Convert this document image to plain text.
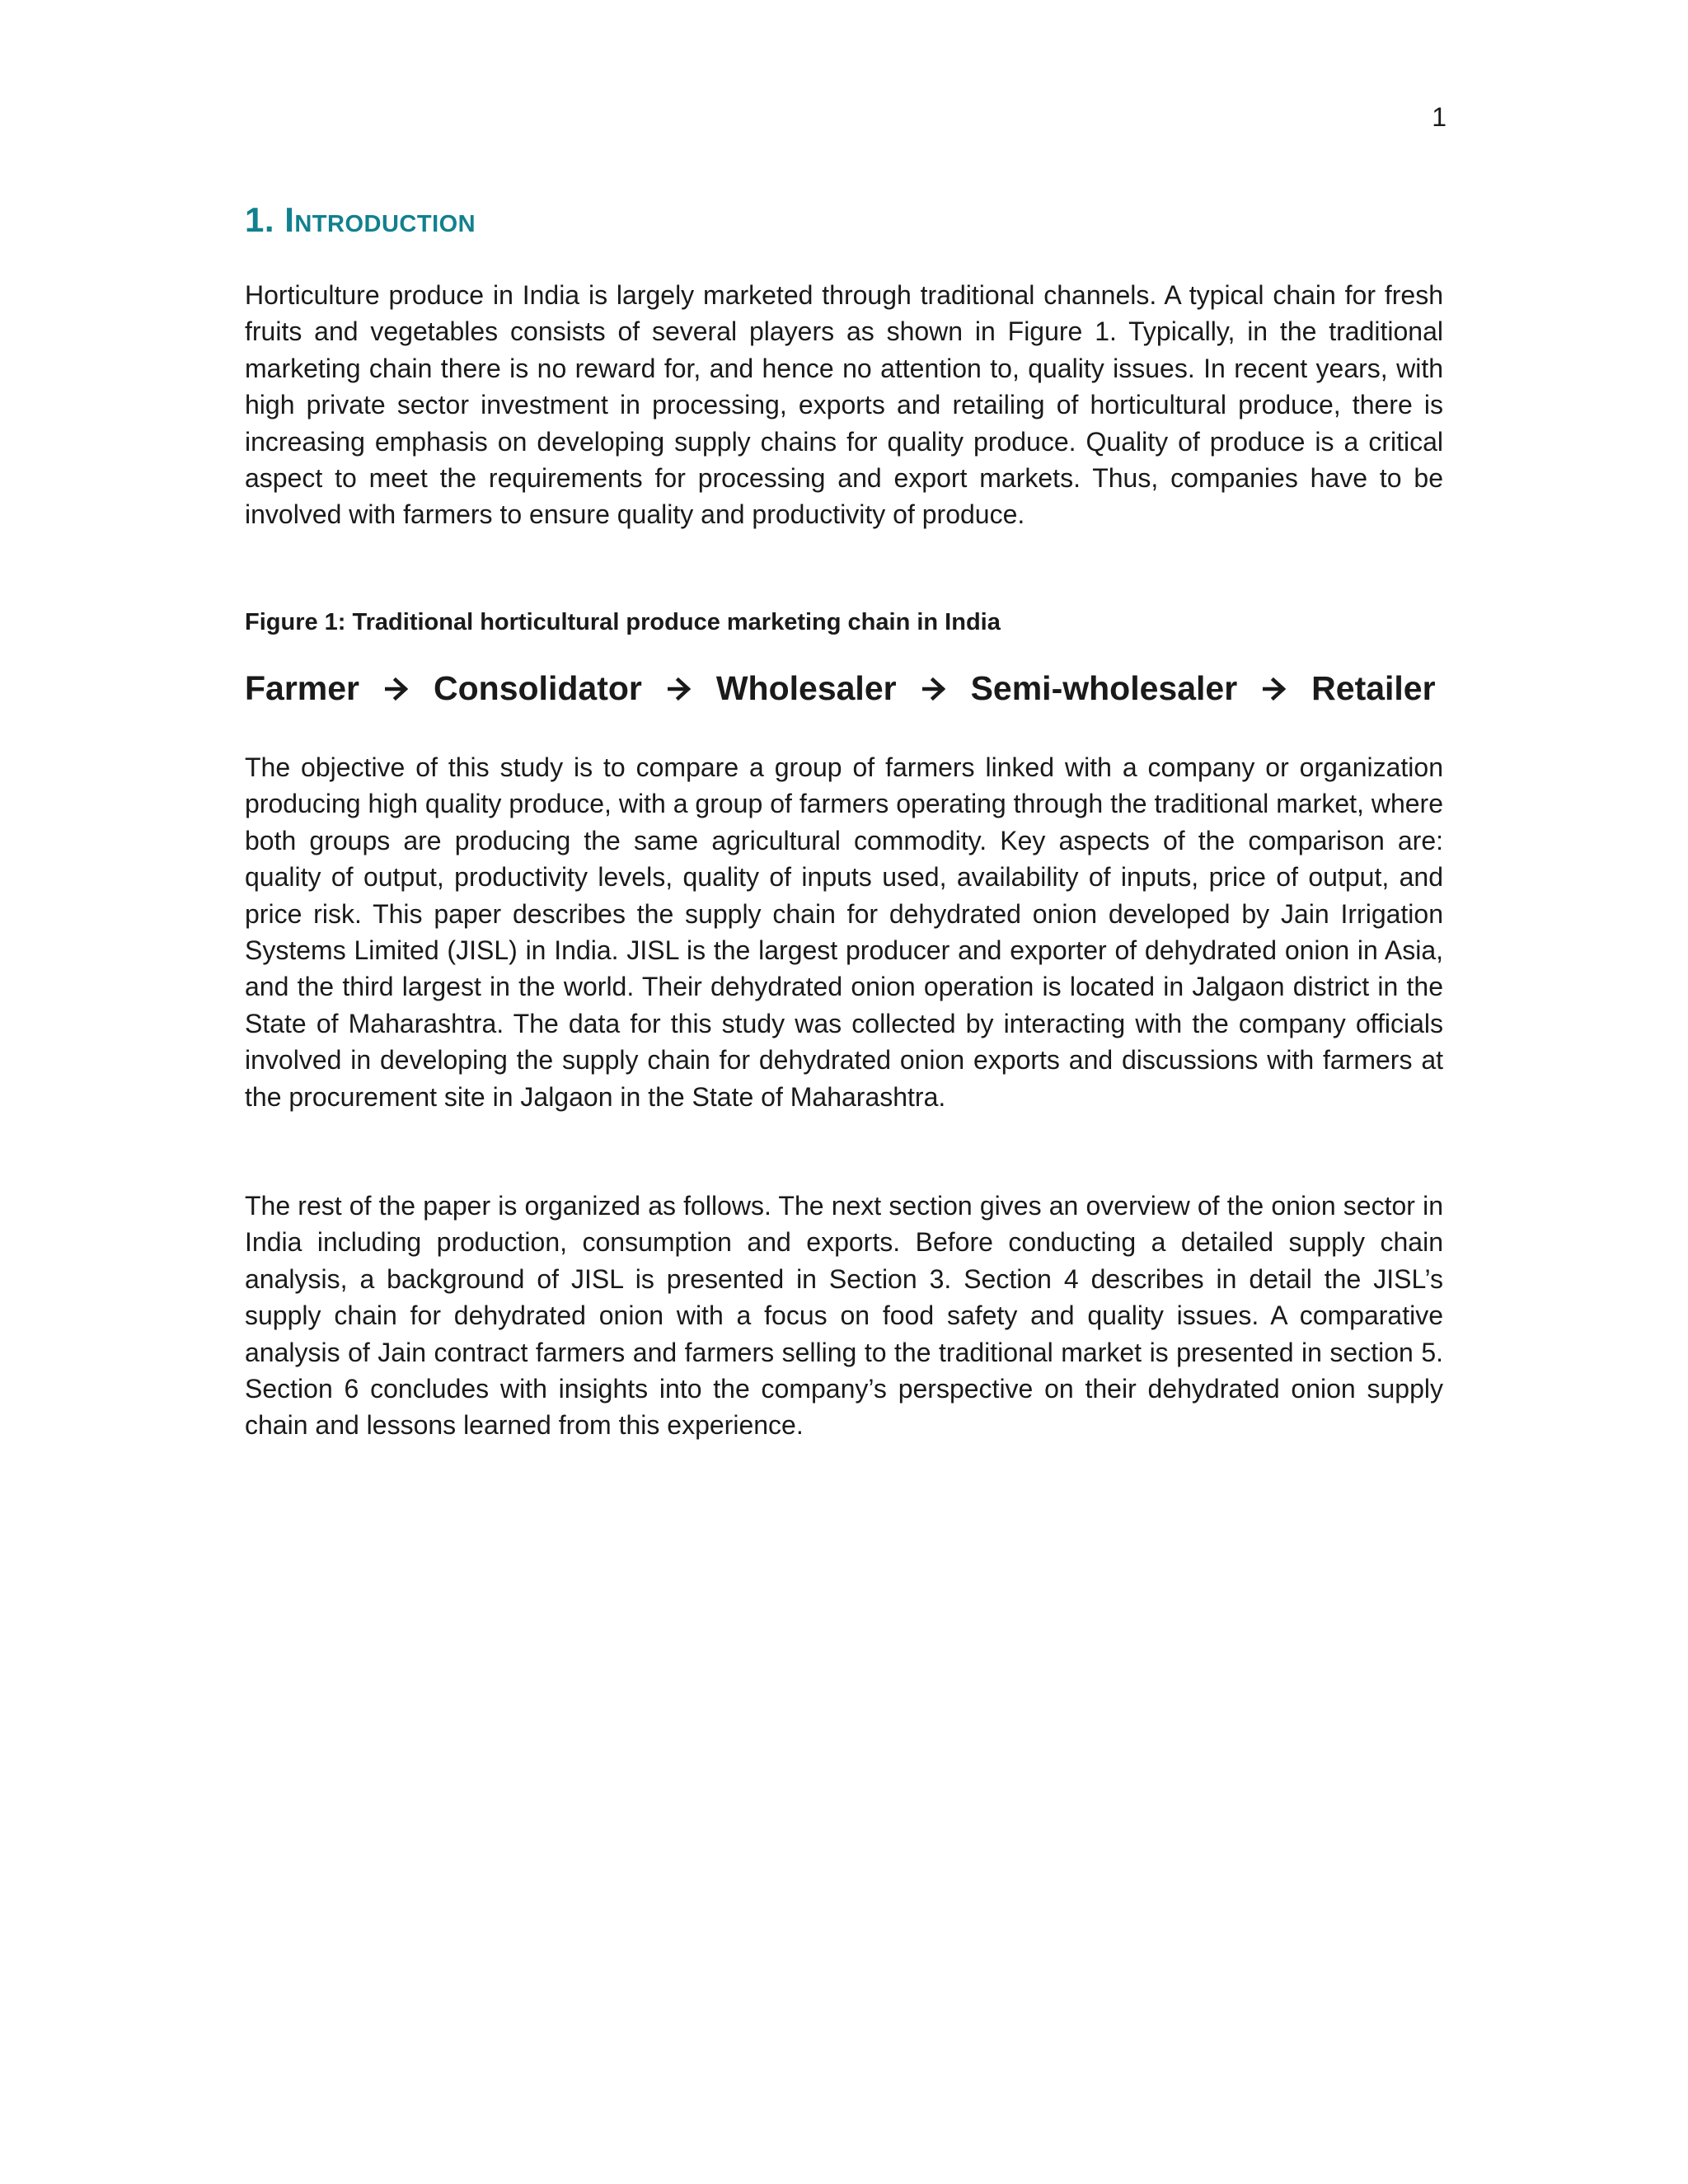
1
1. Introduction

Horticulture produce in India is largely marketed through traditional channels. A typical chain for fresh fruits and vegetables consists of several players as shown in Figure 1. Typically, in the traditional marketing chain there is no reward for, and hence no attention to, quality issues. In recent years, with high private sector investment in processing, exports and retailing of horticultural produce, there is increasing emphasis on developing supply chains for quality produce. Quality of produce is a critical aspect to meet the requirements for processing and export markets. Thus, companies have to be involved with farmers to ensure quality and productivity of produce.

Figure 1: Traditional horticultural produce marketing chain in India

Farmer Consolidator Wholesaler Semi-wholesaler Retailer

The objective of this study is to compare a group of farmers linked with a company or organization producing high quality produce, with a group of farmers operating through the traditional market, where both groups are producing the same agricultural commodity. Key aspects of the comparison are: quality of output, productivity levels, quality of inputs used, availability of inputs, price of output, and price risk. This paper describes the supply chain for dehydrated onion developed by Jain Irrigation Systems Limited (JISL) in India. JISL is the largest producer and exporter of dehydrated onion in Asia, and the third largest in the world. Their dehydrated onion operation is located in Jalgaon district in the State of Maharashtra. The data for this study was collected by interacting with the company officials involved in developing the supply chain for dehydrated onion exports and discussions with farmers at the procurement site in Jalgaon in the State of Maharashtra.

The rest of the paper is organized as follows. The next section gives an overview of the onion sector in India including production, consumption and exports. Before conducting a detailed supply chain analysis, a background of JISL is presented in Section 3. Section 4 describes in detail the JISL’s supply chain for dehydrated onion with a focus on food safety and quality issues. A comparative analysis of Jain contract farmers and farmers selling to the traditional market is presented in section 5. Section 6 concludes with insights into the company’s perspective on their dehydrated onion supply chain and lessons learned from this experience.
